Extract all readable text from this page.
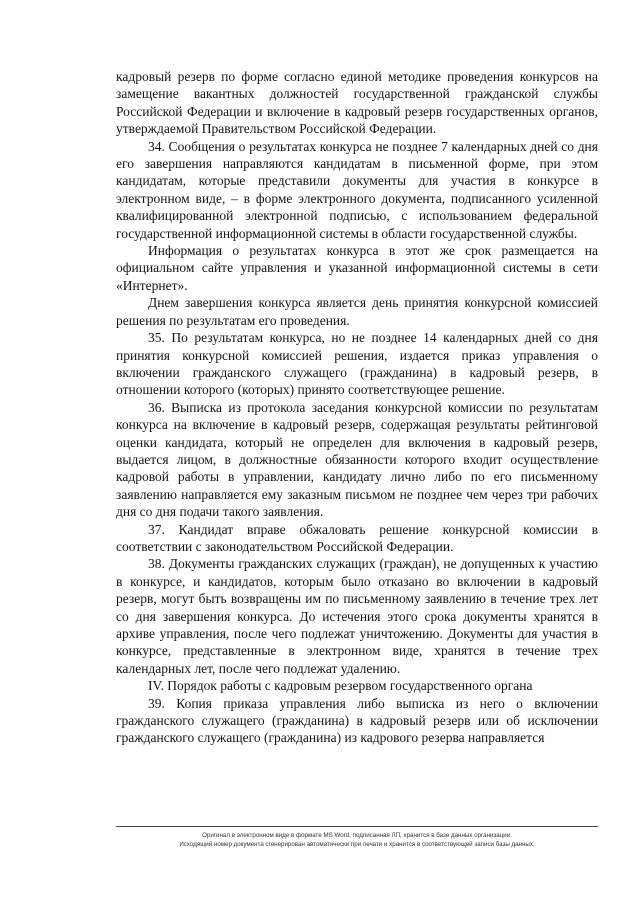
кадровый резерв по форме согласно единой методике проведения конкурсов на замещение вакантных должностей государственной гражданской службы Российской Федерации и включение в кадровый резерв государственных органов, утверждаемой Правительством Российской Федерации.

34. Сообщения о результатах конкурса не позднее 7 календарных дней со дня его завершения направляются кандидатам в письменной форме, при этом кандидатам, которые представили документы для участия в конкурсе в электронном виде, – в форме электронного документа, подписанного усиленной квалифицированной электронной подписью, с использованием федеральной государственной информационной системы в области государственной службы.

Информация о результатах конкурса в этот же срок размещается на официальном сайте управления и указанной информационной системы в сети «Интернет».

Днем завершения конкурса является день принятия конкурсной комиссией решения по результатам его проведения.

35. По результатам конкурса, но не позднее 14 календарных дней со дня принятия конкурсной комиссией решения, издается приказ управления о включении гражданского служащего (гражданина) в кадровый резерв, в отношении которого (которых) принято соответствующее решение.

36. Выписка из протокола заседания конкурсной комиссии по результатам конкурса на включение в кадровый резерв, содержащая результаты рейтинговой оценки кандидата, который не определен для включения в кадровый резерв, выдается лицом, в должностные обязанности которого входит осуществление кадровой работы в управлении, кандидату лично либо по его письменному заявлению направляется ему заказным письмом не позднее чем через три рабочих дня со дня подачи такого заявления.

37. Кандидат вправе обжаловать решение конкурсной комиссии в соответствии с законодательством Российской Федерации.

38. Документы гражданских служащих (граждан), не допущенных к участию в конкурсе, и кандидатов, которым было отказано во включении в кадровый резерв, могут быть возвращены им по письменному заявлению в течение трех лет со дня завершения конкурса. До истечения этого срока документы хранятся в архиве управления, после чего подлежат уничтожению. Документы для участия в конкурсе, представленные в электронном виде, хранятся в течение трех календарных лет, после чего подлежат удалению.

IV. Порядок работы с кадровым резервом государственного органа

39. Копия приказа управления либо выписка из него о включении гражданского служащего (гражданина) в кадровый резерв или об исключении гражданского служащего (гражданина) из кадрового резерва направляется

Оригинал в электронном виде в формате MS Word, подписанная ЛП, хранится в базе данных организации.
Исходящий номер документа сгенерирован автоматически при печати и хранится в соответствующей записи базы данных.
